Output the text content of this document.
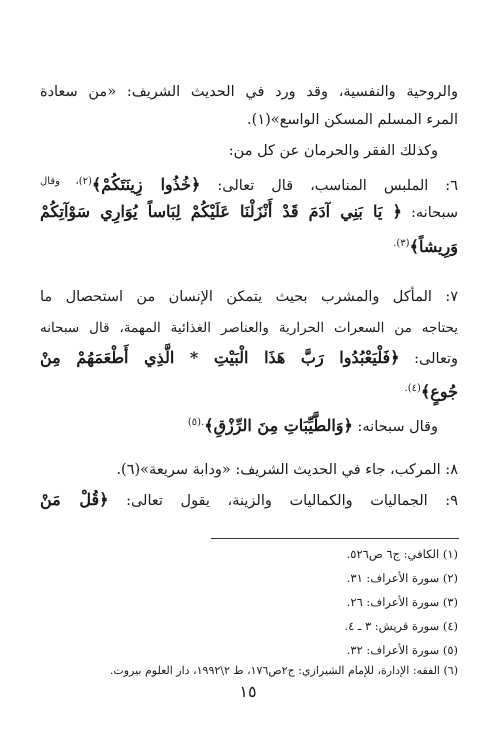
والروحية والنفسية، وقد ورد في الحديث الشريف: «من سعادة
المرء المسلم المسكن الواسع»(١).
وكذلك الفقر والحرمان عن كل من:
٦: الملبس المناسب، قال تعالى: ﴿خُذُوا زِينَتَكُمْ﴾$^{(٢)، وقال}$
سبحانه: ﴿ يَا بَنِي آدَمَ قَدْ أَنْزَلْنَا عَلَيْكُمْ لِبَاساً يُوَارِي سَوْآتِكُمْ
وَرِيشاً﴾$^{(٣).}$
٧: المأكل والمشرب بحيث يتمكن الإنسان من استحصال ما
يحتاجه من السعرات الحرارية والعناصر الغذائية المهمة، قال سبحانه
وتعالى: ﴿فَلْيَعْبُدُوا رَبَّ هَذَا الْبَيْتِ * الَّذِي أَطْعَمَهُمْ مِنْ
جُوعٍ﴾$^{(٤).}$
وقال سبحانه: ﴿وَالطَّيِّبَاتِ مِنَ الرِّزْقِ﴾$^{.(٥)}$
٨: المركب، جاء في الحديث الشريف: «ودابة سريعة»(٦).
٩: الجماليات والكماليات والزينة، يقول تعالى: ﴿قُلْ مَنْ
(١) الكافي: ج٦ ص٥٢٦.
(٢) سورة الأعراف: ٣١.
(٣) سورة الأعراف: ٢٦.
(٤) سورة قريش: ٣ ـ ٤.
(٥) سورة الأعراف: ٣٢.
(٦) الفقه: الإدارة، للإمام الشيرازي: ج٢ص١٧٦، ط ٢\١٩٩٢، دار العلوم بيروت.
١٥
